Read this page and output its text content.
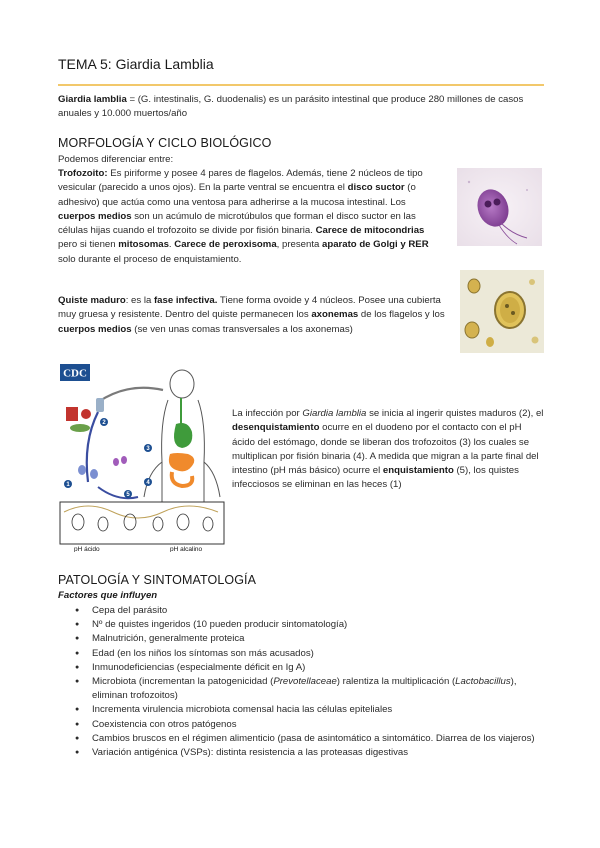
TEMA 5: Giardia Lamblia
Giardia lamblia = (G. intestinalis, G. duodenalis) es un parásito intestinal que produce 280 millones de casos anuales y 10.000 muertos/año
MORFOLOGÍA Y CICLO BIOLÓGICO
Podemos diferenciar entre:
Trofozoito: Es piriforme y posee 4 pares de flagelos. Además, tiene 2 núcleos de tipo vesicular (parecido a unos ojos). En la parte ventral se encuentra el disco suctor (o adhesivo) que actúa como una ventosa para adherirse a la mucosa intestinal. Los cuerpos medios son un acúmulo de microtúbulos que forman el disco suctor en las células hijas cuando el trofozoito se divide por fisión binaria. Carece de mitocondrias pero si tienen mitosomas. Carece de peroxisoma, presenta aparato de Golgi y RER solo durante el proceso de enquistamiento.
Quiste maduro: es la fase infectiva. Tiene forma ovoide y 4 núcleos. Posee una cubierta muy gruesa y resistente. Dentro del quiste permanecen los axonemas de los flagelos y los cuerpos medios (se ven unas comas transversales a los axonemas)
CDC
pH ácido	pH alcalino
2
1
3
4
5
La infección por Giardia lamblia se inicia al ingerir quistes maduros (2), el desenquistamiento ocurre en el duodeno por el contacto con el pH ácido del estómago, donde se liberan dos trofozoitos (3) los cuales se multiplican por fisión binaria (4). A medida que migran a la parte final del intestino (pH más básico) ocurre el enquistamiento (5), los quistes infecciosos se eliminan en las heces (1)
PATOLOGÍA Y SINTOMATOLOGÍA
Factores que influyen
● Cepa del parásito
● Nº de quistes ingeridos (10 pueden producir sintomatología)
● Malnutrición, generalmente proteica
● Edad (en los niños los síntomas son más acusados)
● Inmunodeficiencias (especialmente déficit en Ig A)
● Microbiota (incrementan la patogenicidad (Prevotellaceae) ralentiza la multiplicación (Lactobacillus), eliminan trofozoitos)
● Incrementa virulencia microbiota comensal hacia las células epiteliales
● Coexistencia con otros patógenos
● Cambios bruscos en el régimen alimenticio (pasa de asintomático a sintomático. Diarrea de los viajeros)
● Variación antigénica (VSPs): distinta resistencia a las proteasas digestivas
